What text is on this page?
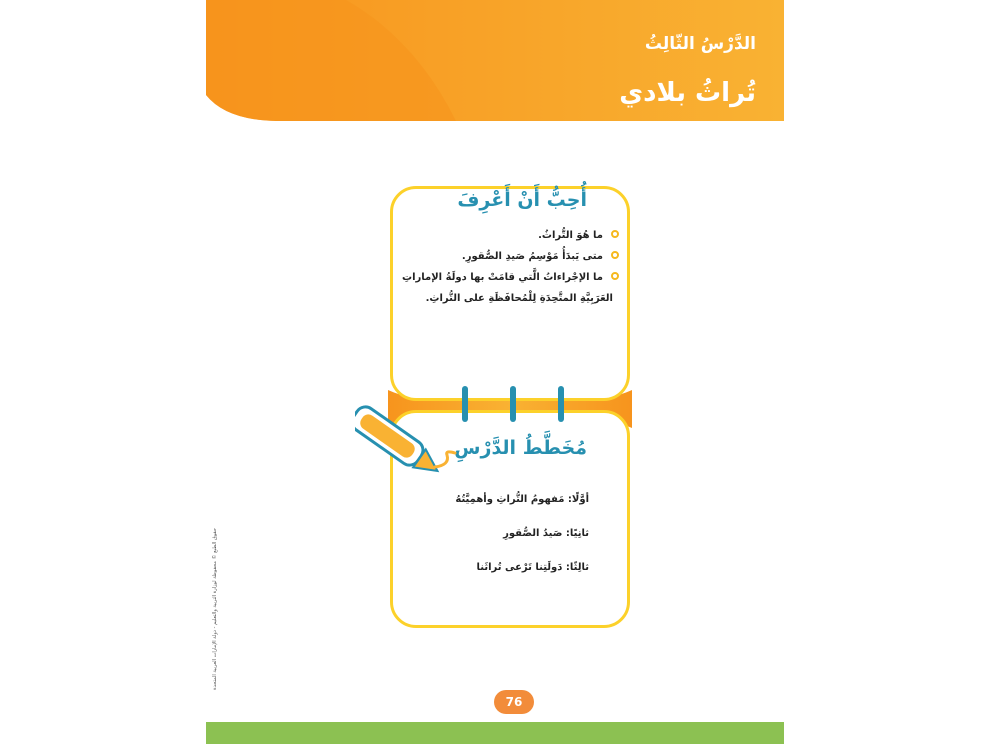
الدَّرْسُ الثّالِثُ
تُراثُ بلادي
أُحِبُّ أَنْ أَعْرِفَ
ما هُوَ التُّراثُ.
متى يَبدَأُ مَوْسِمُ صَيدِ الصُّقورِ.
ما الإجْراءاتُ الَّتي قامَتْ بها دولَةُ الإماراتِ
العَرَبِيَّةِ المتَّحِدَةِ لِلْمُحافَظَةِ على التُّراثِ.
مُخَطَّطُ الدَّرْسِ
أوَّلًا: مَفهومُ التُّراثِ وأهمِيَّتُهُ
ثانِيًا: صَيدُ الصُّقورِ
ثالِثًا: دَولَتِنا تَرْعى تُراثَنا
حقوق الطبع © محفوظة لوزارة التربية والتعليم - دولة الإمارات العربية المتحدة
76
